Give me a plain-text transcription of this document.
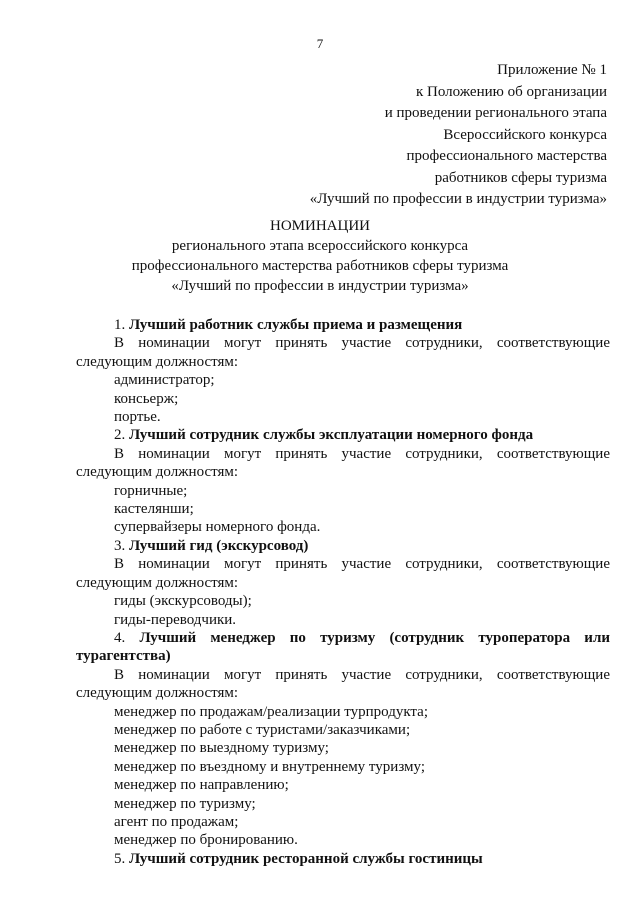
7
Приложение № 1
к Положению об организации
и проведении регионального этапа
Всероссийского конкурса
профессионального мастерства
работников сферы туризма
«Лучший по профессии в индустрии туризма»
НОМИНАЦИИ
регионального этапа всероссийского конкурса
профессионального мастерства работников сферы туризма
«Лучший по профессии в индустрии туризма»
1. Лучший работник службы приема и размещения
В номинации могут принять участие сотрудники, соответствующие
следующим должностям:
администратор;
консьерж;
портье.
2. Лучший сотрудник службы эксплуатации номерного фонда
В номинации могут принять участие сотрудники, соответствующие
следующим должностям:
горничные;
кастелянши;
супервайзеры номерного фонда.
3. Лучший гид (экскурсовод)
В номинации могут принять участие сотрудники, соответствующие
следующим должностям:
гиды (экскурсоводы);
гиды-переводчики.
4. Лучший менеджер по туризму (сотрудник туроператора или
турагентства)
В номинации могут принять участие сотрудники, соответствующие
следующим должностям:
менеджер по продажам/реализации турпродукта;
менеджер по работе с туристами/заказчиками;
менеджер по выездному туризму;
менеджер по въездному и внутреннему туризму;
менеджер по направлению;
менеджер по туризму;
агент по продажам;
менеджер по бронированию.
5. Лучший сотрудник ресторанной службы гостиницы
